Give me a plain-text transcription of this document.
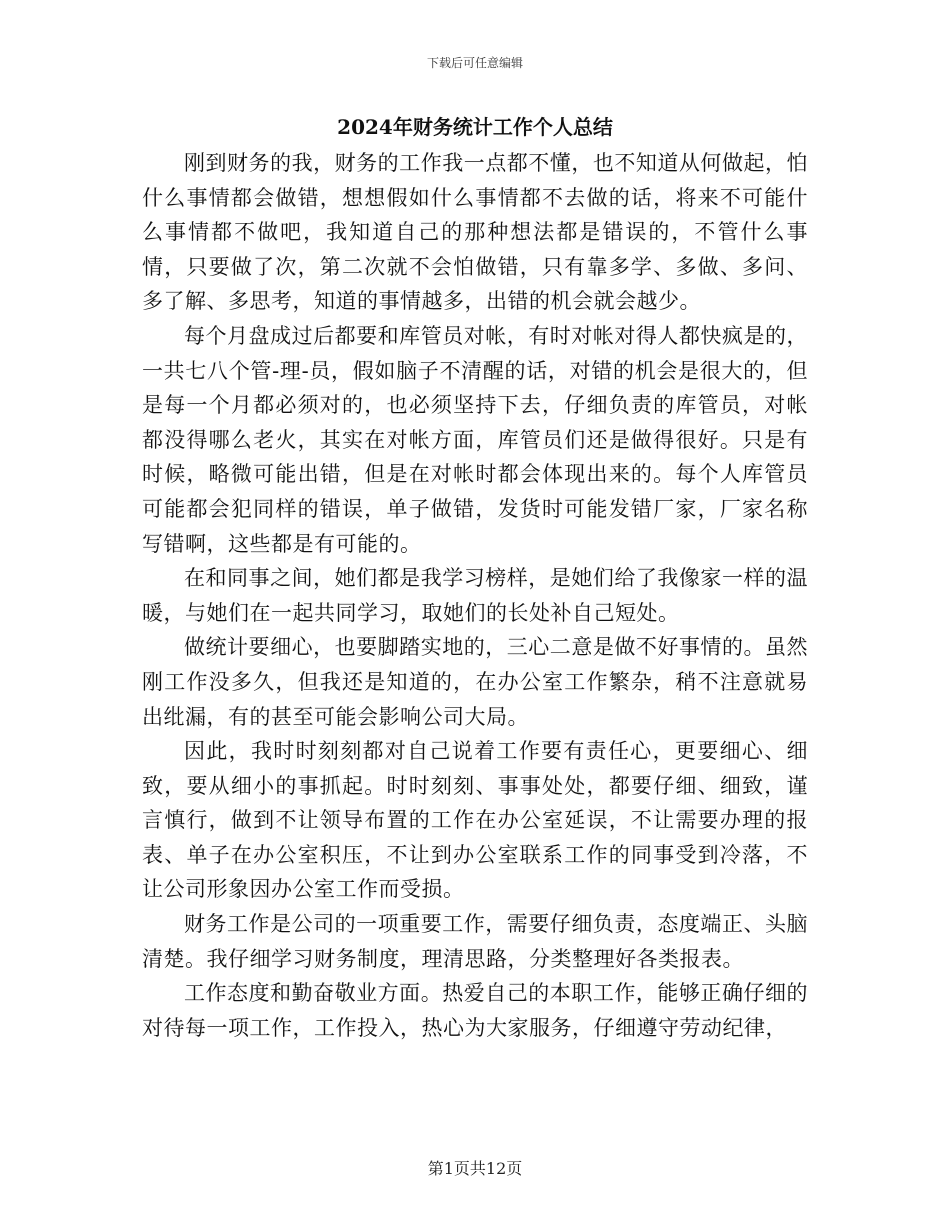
下载后可任意编辑
2024年财务统计工作个人总结

刚到财务的我，财务的工作我一点都不懂，也不知道从何做起，怕什么事情都会做错，想想假如什么事情都不去做的话，将来不可能什么事情都不做吧，我知道自己的那种想法都是错误的，不管什么事情，只要做了次，第二次就不会怕做错，只有靠多学、多做、多问、多了解、多思考，知道的事情越多，出错的机会就会越少。

每个月盘成过后都要和库管员对帐，有时对帐对得人都快疯是的，一共七八个管-理-员，假如脑子不清醒的话，对错的机会是很大的，但是每一个月都必须对的，也必须坚持下去，仔细负责的库管员，对帐都没得哪么老火，其实在对帐方面，库管员们还是做得很好。只是有时候，略微可能出错，但是在对帐时都会体现出来的。每个人库管员可能都会犯同样的错误，单子做错，发货时可能发错厂家，厂家名称写错啊，这些都是有可能的。

在和同事之间，她们都是我学习榜样，是她们给了我像家一样的温暖，与她们在一起共同学习，取她们的长处补自己短处。

做统计要细心，也要脚踏实地的，三心二意是做不好事情的。虽然刚工作没多久，但我还是知道的，在办公室工作繁杂，稍不注意就易出纰漏，有的甚至可能会影响公司大局。

因此，我时时刻刻都对自己说着工作要有责任心，更要细心、细致，要从细小的事抓起。时时刻刻、事事处处，都要仔细、细致，谨言慎行，做到不让领导布置的工作在办公室延误，不让需要办理的报表、单子在办公室积压，不让到办公室联系工作的同事受到冷落，不让公司形象因办公室工作而受损。

财务工作是公司的一项重要工作，需要仔细负责，态度端正、头脑清楚。我仔细学习财务制度，理清思路，分类整理好各类报表。

工作态度和勤奋敬业方面。热爱自己的本职工作，能够正确仔细的对待每一项工作，工作投入，热心为大家服务，仔细遵守劳动纪律，

第1页共12页
